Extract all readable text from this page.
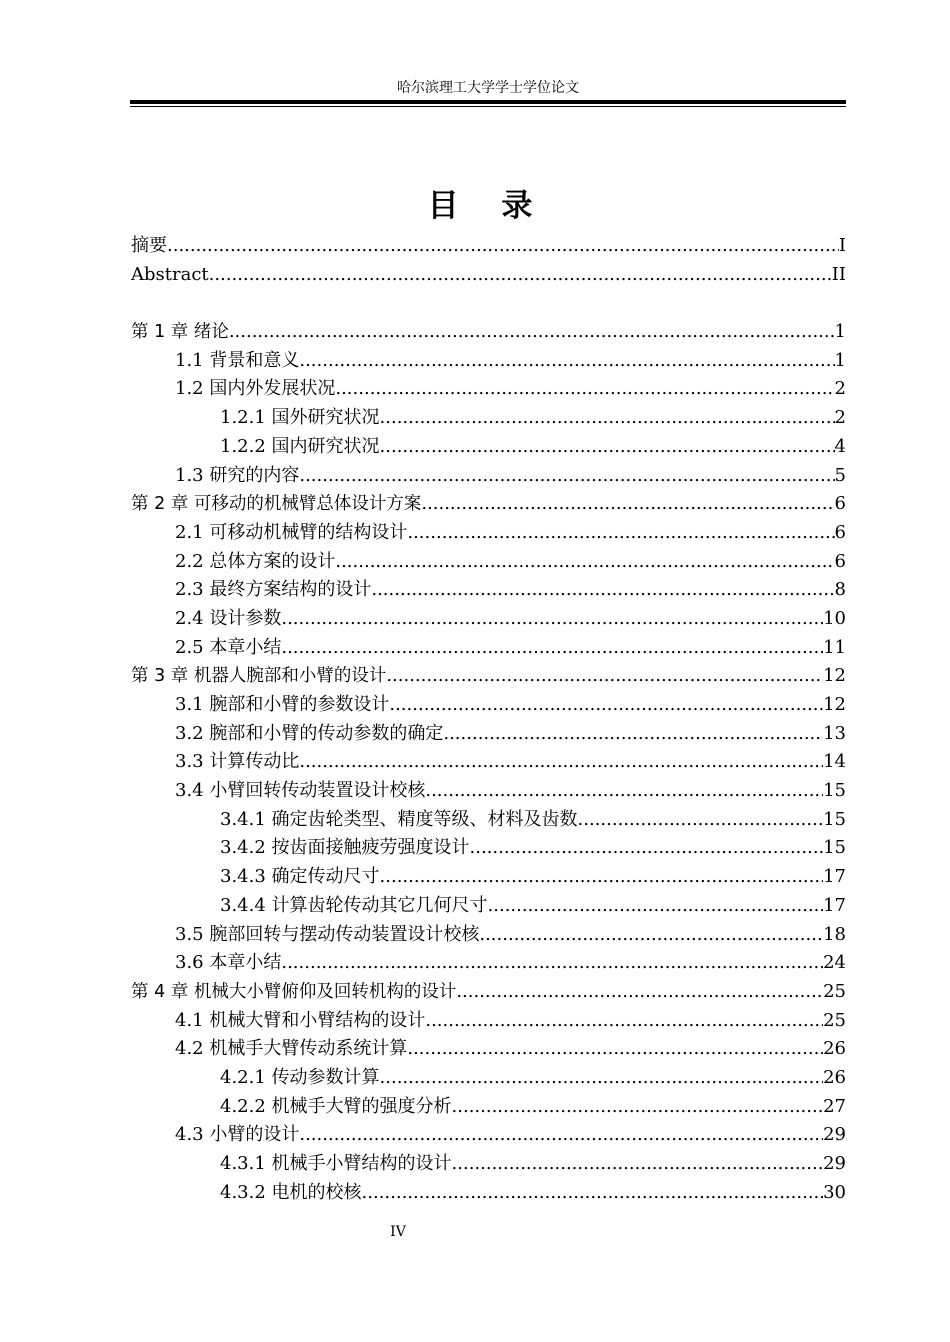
哈尔滨理工大学学士学位论文
目 录
摘要 .....	I
Abstract .....	II
第 1 章 绪论 .....	1
1.1 背景和意义 .....	1
1.2 国内外发展状况 .....	2
1.2.1 国外研究状况 .....	2
1.2.2 国内研究状况 .....	4
1.3 研究的内容 .....	5
第 2 章 可移动的机械臂总体设计方案 .....	6
2.1 可移动机械臂的结构设计 .....	6
2.2 总体方案的设计 .....	6
2.3 最终方案结构的设计 .....	8
2.4 设计参数 .....	10
2.5 本章小结 .....	11
第 3 章 机器人腕部和小臂的设计 .....	12
3.1 腕部和小臂的参数设计 .....	12
3.2 腕部和小臂的传动参数的确定 .....	13
3.3 计算传动比 .....	14
3.4 小臂回转传动装置设计校核 .....	15
3.4.1 确定齿轮类型、精度等级、材料及齿数 .....	15
3.4.2 按齿面接触疲劳强度设计 .....	15
3.4.3 确定传动尺寸 .....	17
3.4.4 计算齿轮传动其它几何尺寸 .....	17
3.5 腕部回转与摆动传动装置设计校核 .....	18
3.6 本章小结 .....	24
第 4 章 机械大小臂俯仰及回转机构的设计 .....	25
4.1 机械大臂和小臂结构的设计 .....	25
4.2 机械手大臂传动系统计算 .....	26
4.2.1 传动参数计算 .....	26
4.2.2 机械手大臂的强度分析 .....	27
4.3 小臂的设计 .....	29
4.3.1 机械手小臂结构的设计 .....	29
4.3.2 电机的校核 .....	30
IV
